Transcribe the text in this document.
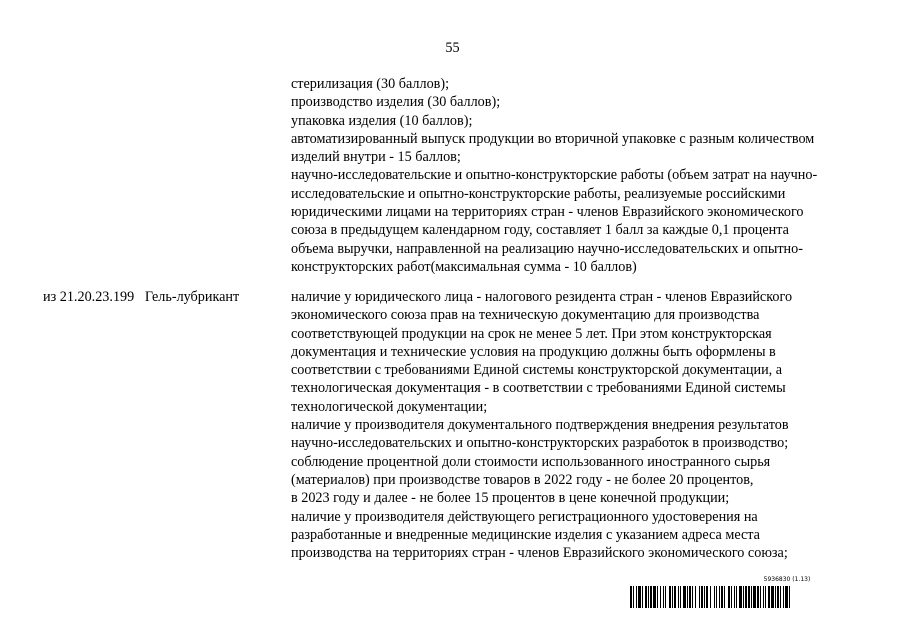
55
стерилизация (30 баллов);
производство изделия (30 баллов);
упаковка изделия (10 баллов);
автоматизированный выпуск продукции во вторичной упаковке с разным количеством
изделий внутри - 15 баллов;
научно-исследовательские и опытно-конструкторские работы (объем затрат на научно-
исследовательские и опытно-конструкторские работы, реализуемые российскими
юридическими лицами на территориях стран - членов Евразийского экономического
союза в предыдущем календарном году, составляет 1 балл за каждые 0,1 процента
объема выручки, направленной на реализацию научно-исследовательских и опытно-
конструкторских работ(максимальная сумма - 10 баллов)
из 21.20.23.199 Гель-лубрикант	наличие у юридического лица - налогового резидента стран - членов Евразийского
экономического союза прав на техническую документацию для производства
соответствующей продукции на срок не менее 5 лет. При этом конструкторская
документация и технические условия на продукцию должны быть оформлены в
соответствии с требованиями Единой системы конструкторской документации, а
технологическая документация - в соответствии с требованиями Единой системы
технологической документации;
наличие у производителя документального подтверждения внедрения результатов
научно-исследовательских и опытно-конструкторских разработок в производство;
соблюдение процентной доли стоимости использованного иностранного сырья
(материалов) при производстве товаров в 2022 году - не более 20 процентов,
в 2023 году и далее - не более 15 процентов в цене конечной продукции;
наличие у производителя действующего регистрационного удостоверения на
разработанные и внедренные медицинские изделия с указанием адреса места
производства на территориях стран - членов Евразийского экономического союза;
5936830 (1.13)
